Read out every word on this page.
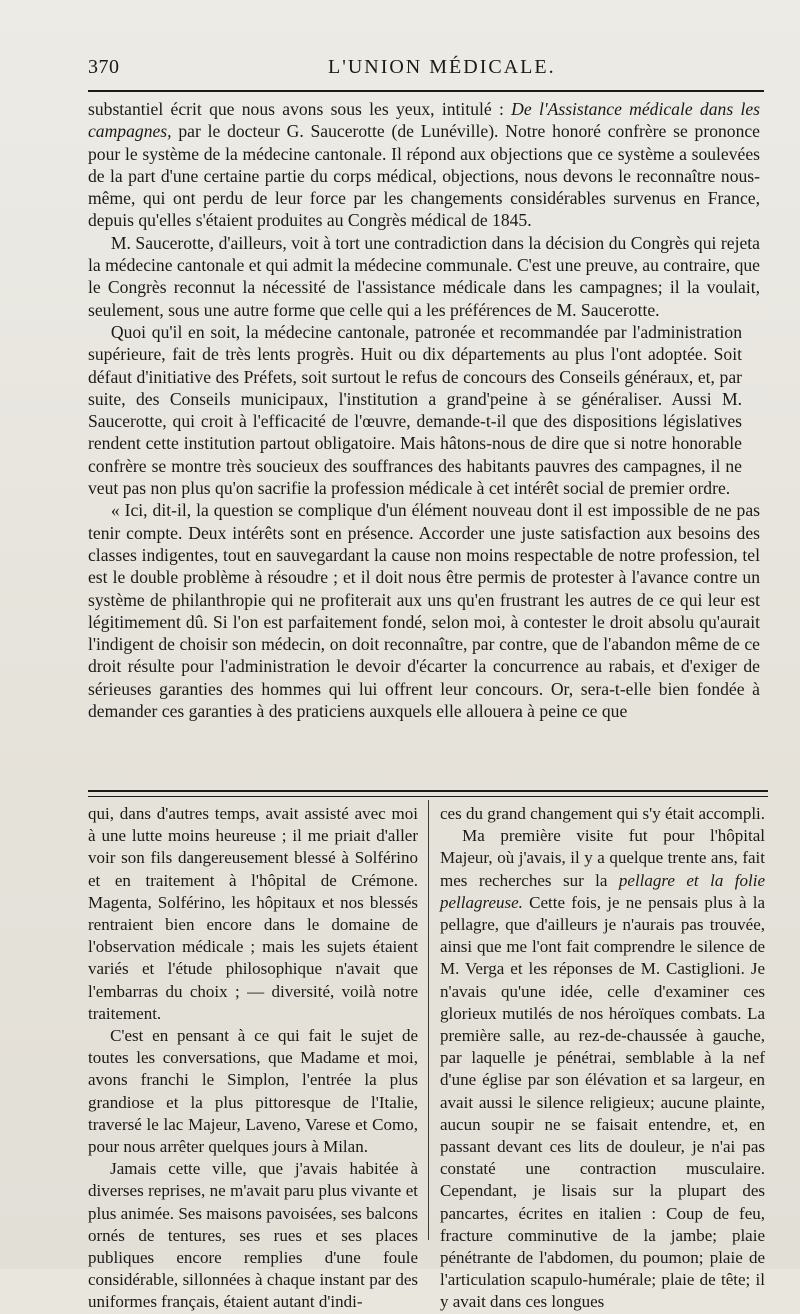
370	L'UNION MÉDICALE.

substantiel écrit que nous avons sous les yeux, intitulé : De l'Assistance médicale dans les campagnes, par le docteur G. Saucerotte (de Lunéville). Notre honoré confrère se prononce pour le système de la médecine cantonale. Il répond aux objections que ce système a soulevées de la part d'une certaine partie du corps médical, objections, nous devons le reconnaître nous-même, qui ont perdu de leur force par les changements considérables survenus en France, depuis qu'elles s'étaient produites au Congrès médical de 1845.

M. Saucerotte, d'ailleurs, voit à tort une contradiction dans la décision du Congrès qui rejeta la médecine cantonale et qui admit la médecine communale. C'est une preuve, au contraire, que le Congrès reconnut la nécessité de l'assistance médicale dans les campagnes; il la voulait, seulement, sous une autre forme que celle qui a les préférences de M. Saucerotte.

Quoi qu'il en soit, la médecine cantonale, patronée et recommandée par l'administration supérieure, fait de très lents progrès. Huit ou dix départements au plus l'ont adoptée. Soit défaut d'initiative des Préfets, soit surtout le refus de concours des Conseils généraux, et, par suite, des Conseils municipaux, l'institution a grand'peine à se généraliser. Aussi M. Saucerotte, qui croit à l'efficacité de l'œuvre, demande-t-il que des dispositions législatives rendent cette institution partout obligatoire. Mais hâtons-nous de dire que si notre honorable confrère se montre très soucieux des souffrances des habitants pauvres des campagnes, il ne veut pas non plus qu'on sacrifie la profession médicale à cet intérêt social de premier ordre.

« Ici, dit-il, la question se complique d'un élément nouveau dont il est impossible de ne pas tenir compte. Deux intérêts sont en présence. Accorder une juste satisfaction aux besoins des classes indigentes, tout en sauvegardant la cause non moins respectable de notre profession, tel est le double problème à résoudre ; et il doit nous être permis de protester à l'avance contre un système de philanthropie qui ne profiterait aux uns qu'en frustrant les autres de ce qui leur est légitimement dû. Si l'on est parfaitement fondé, selon moi, à contester le droit absolu qu'aurait l'indigent de choisir son médecin, on doit reconnaître, par contre, que de l'abandon même de ce droit résulte pour l'administration le devoir d'écarter la concurrence au rabais, et d'exiger de sérieuses garanties des hommes qui lui offrent leur concours. Or, sera-t-elle bien fondée à demander ces garanties à des praticiens auxquels elle allouera à peine ce que

qui, dans d'autres temps, avait assisté avec moi à une lutte moins heureuse ; il me priait d'aller voir son fils dangereusement blessé à Solférino et en traitement à l'hôpital de Crémone. Magenta, Solférino, les hôpitaux et nos blessés rentraient bien encore dans le domaine de l'observation médicale ; mais les sujets étaient variés et l'étude philosophique n'avait que l'embarras du choix ; — diversité, voilà notre traitement.

C'est en pensant à ce qui fait le sujet de toutes les conversations, que Madame et moi, avons franchi le Simplon, l'entrée la plus grandiose et la plus pittoresque de l'Italie, traversé le lac Majeur, Laveno, Varese et Como, pour nous arrêter quelques jours à Milan.

Jamais cette ville, que j'avais habitée à diverses reprises, ne m'avait paru plus vivante et plus animée. Ses maisons pavoisées, ses balcons ornés de tentures, ses rues et ses places publiques encore remplies d'une foule considérable, sillonnées à chaque instant par des uniformes français, étaient autant d'indi-

ces du grand changement qui s'y était accompli.

Ma première visite fut pour l'hôpital Majeur, où j'avais, il y a quelque trente ans, fait mes recherches sur la pellagre et la folie pellagreuse. Cette fois, je ne pensais plus à la pellagre, que d'ailleurs je n'aurais pas trouvée, ainsi que me l'ont fait comprendre le silence de M. Verga et les réponses de M. Castiglioni. Je n'avais qu'une idée, celle d'examiner ces glorieux mutilés de nos héroïques combats. La première salle, au rez-de-chaussée à gauche, par laquelle je pénétrai, semblable à la nef d'une église par son élévation et sa largeur, en avait aussi le silence religieux; aucune plainte, aucun soupir ne se faisait entendre, et, en passant devant ces lits de douleur, je n'ai pas constaté une contraction musculaire. Cependant, je lisais sur la plupart des pancartes, écrites en italien : Coup de feu, fracture comminutive de la jambe; plaie pénétrante de l'abdomen, du poumon; plaie de l'articulation scapulo-humérale; plaie de tête; il y avait dans ces longues
